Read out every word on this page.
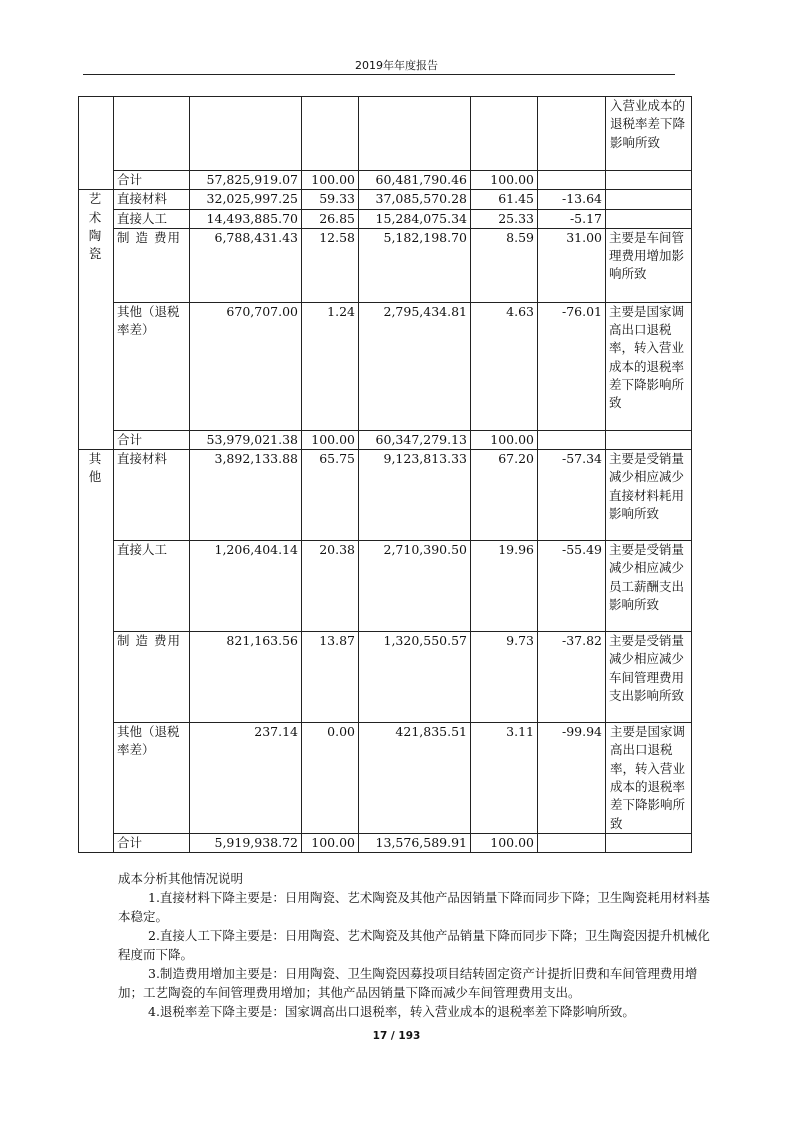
2019年年度报告
							入营业成本的退税率差下降影响所致
	合计	57,825,919.07	100.00	60,481,790.46	100.00		
艺术陶瓷	直接材料	32,025,997.25	59.33	37,085,570.28	61.45	-13.64	
	直接人工	14,493,885.70	26.85	15,284,075.34	25.33	-5.17	
	制 造 费用	6,788,431.43	12.58	5,182,198.70	8.59	31.00	主要是车间管理费用增加影响所致
	其他（退税率差）	670,707.00	1.24	2,795,434.81	4.63	-76.01	主要是国家调高出口退税率，转入营业成本的退税率差下降影响所致
	合计	53,979,021.38	100.00	60,347,279.13	100.00		
其他	直接材料	3,892,133.88	65.75	9,123,813.33	67.20	-57.34	主要是受销量减少相应减少直接材料耗用影响所致
	直接人工	1,206,404.14	20.38	2,710,390.50	19.96	-55.49	主要是受销量减少相应减少员工薪酬支出影响所致
	制 造 费用	821,163.56	13.87	1,320,550.57	9.73	-37.82	主要是受销量减少相应减少车间管理费用支出影响所致
	其他（退税率差）	237.14	0.00	421,835.51	3.11	-99.94	主要是国家调高出口退税率，转入营业成本的退税率差下降影响所致
	合计	5,919,938.72	100.00	13,576,589.91	100.00		

成本分析其他情况说明

1.直接材料下降主要是：日用陶瓷、艺术陶瓷及其他产品因销量下降而同步下降；卫生陶瓷耗用材料基本稳定。

2.直接人工下降主要是：日用陶瓷、艺术陶瓷及其他产品销量下降而同步下降；卫生陶瓷因提升机械化程度而下降。

3.制造费用增加主要是：日用陶瓷、卫生陶瓷因募投项目结转固定资产计提折旧费和车间管理费用增加；工艺陶瓷的车间管理费用增加；其他产品因销量下降而减少车间管理费用支出。

4.退税率差下降主要是：国家调高出口退税率，转入营业成本的退税率差下降影响所致。

17 / 193
